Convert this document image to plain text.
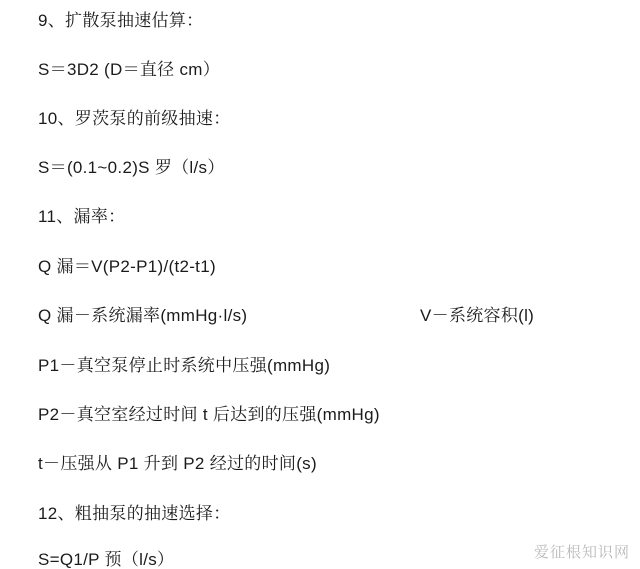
9、扩散泵抽速估算：
S＝3D2 (D＝直径 cm）
10、罗茨泵的前级抽速：
S＝(0.1~0.2)S 罗（l/s）
11、漏率：
Q 漏＝V(P2-P1)/(t2-t1)
Q 漏－系统漏率(mmHg·l/s)	V－系统容积(l)
P1－真空泵停止时系统中压强(mmHg)
P2－真空室经过时间 t 后达到的压强(mmHg)
t－压强从 P1 升到 P2 经过的时间(s)
12、粗抽泵的抽速选择：
S=Q1/P 预（l/s）	爱征根知识网
